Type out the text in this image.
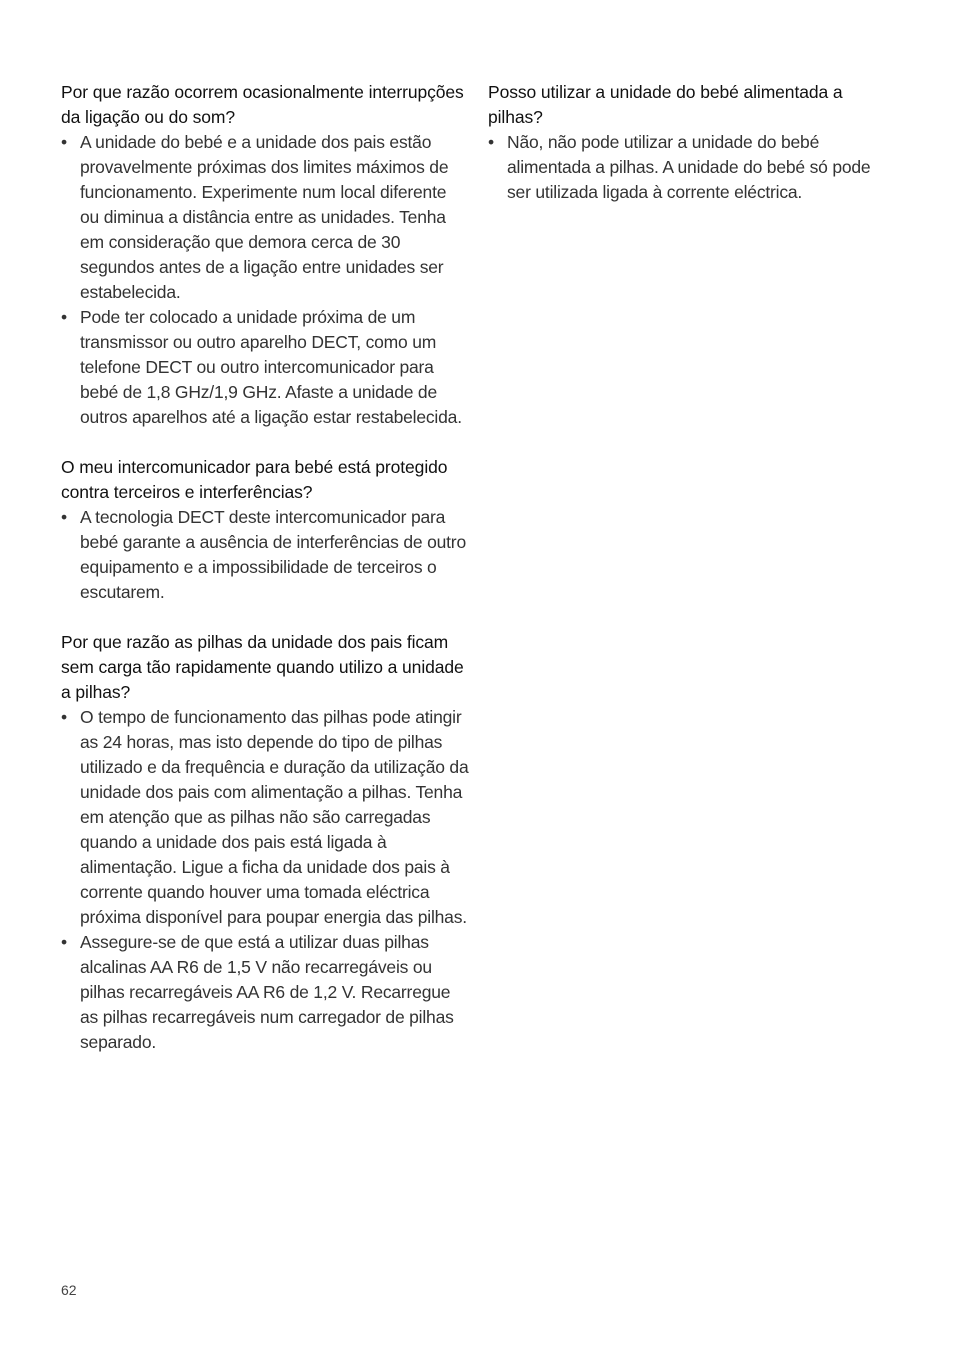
Por que razão ocorrem ocasionalmente interrupções da ligação ou do som?
• A unidade do bebé e a unidade dos pais estão provavelmente próximas dos limites máximos de funcionamento. Experimente num local diferente ou diminua a distância entre as unidades. Tenha em consideração que demora cerca de 30 segundos antes de a ligação entre unidades ser estabelecida.
• Pode ter colocado a unidade próxima de um transmissor ou outro aparelho DECT, como um telefone DECT ou outro intercomunicador para bebé de 1,8 GHz/1,9 GHz. Afaste a unidade de outros aparelhos até a ligação estar restabelecida.
O meu intercomunicador para bebé está protegido contra terceiros e interferências?
• A tecnologia DECT deste intercomunicador para bebé garante a ausência de interferências de outro equipamento e a impossibilidade de terceiros o escutarem.
Por que razão as pilhas da unidade dos pais ficam sem carga tão rapidamente quando utilizo a unidade a pilhas?
• O tempo de funcionamento das pilhas pode atingir as 24 horas, mas isto depende do tipo de pilhas utilizado e da frequência e duração da utilização da unidade dos pais com alimentação a pilhas. Tenha em atenção que as pilhas não são carregadas quando a unidade dos pais está ligada à alimentação. Ligue a ficha da unidade dos pais à corrente quando houver uma tomada eléctrica próxima disponível para poupar energia das pilhas.
• Assegure-se de que está a utilizar duas pilhas alcalinas AA R6 de 1,5 V não recarregáveis ou pilhas recarregáveis AA R6 de 1,2 V. Recarregue as pilhas recarregáveis num carregador de pilhas separado.
Posso utilizar a unidade do bebé alimentada a pilhas?
• Não, não pode utilizar a unidade do bebé alimentada a pilhas. A unidade do bebé só pode ser utilizada ligada à corrente eléctrica.
62
